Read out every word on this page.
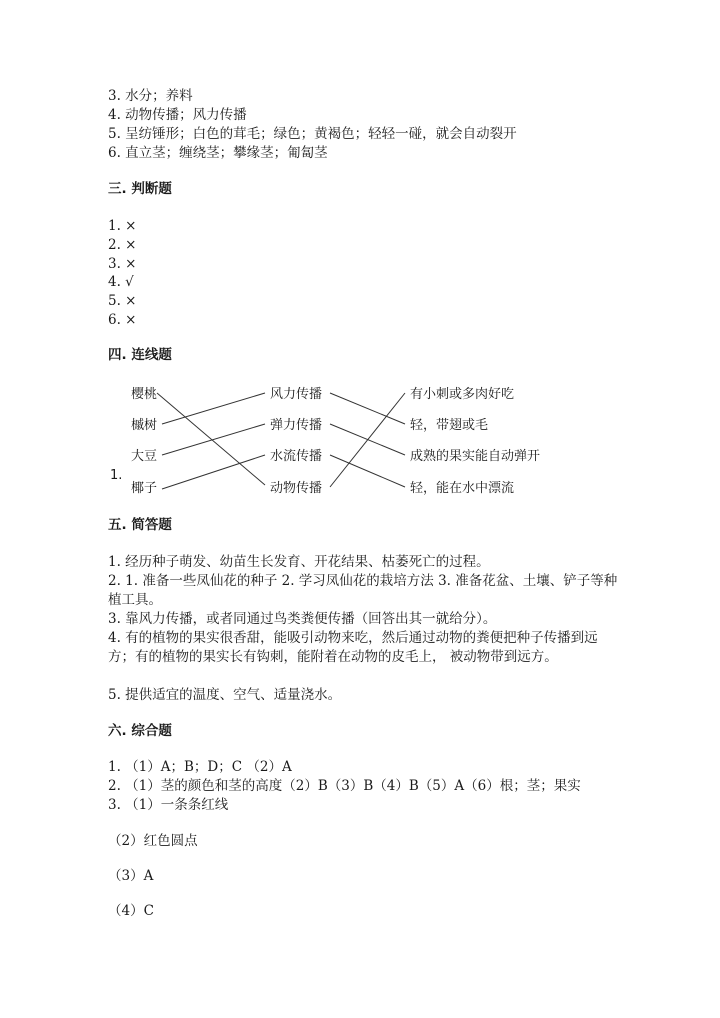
3. 水分；养料
4. 动物传播；风力传播
5. 呈纺锤形；白色的茸毛；绿色；黄褐色；轻轻一碰，就会自动裂开
6. 直立茎；缠绕茎；攀缘茎；匍匐茎
三. 判断题
1. ×
2. ×
3. ×
4. √
5. ×
6. ×
四. 连线题
1.
樱桃
槭树
大豆
椰子
风力传播
弹力传播
水流传播
动物传播
有小刺或多肉好吃
轻，带翅或毛
成熟的果实能自动弹开
轻，能在水中漂流
五. 简答题
1. 经历种子萌发、幼苗生长发育、开花结果、枯萎死亡的过程。
2. 1. 准备一些凤仙花的种子 2. 学习凤仙花的栽培方法 3. 准备花盆、土壤、铲子等种植工具。
3. 靠风力传播，或者同通过鸟类粪便传播（回答出其一就给分）。
4. 有的植物的果实很香甜，能吸引动物来吃，然后通过动物的粪便把种子传播到远方；有的植物的果实长有钩刺，能附着在动物的皮毛上， 被动物带到远方。
5. 提供适宜的温度、空气、适量浇水。
六. 综合题
1. （1）A；B；D；C （2）A
2. （1）茎的颜色和茎的高度（2）B（3）B（4）B（5）A（6）根；茎；果实
3. （1）一条条红线
（2）红色圆点
（3）A
（4）C
